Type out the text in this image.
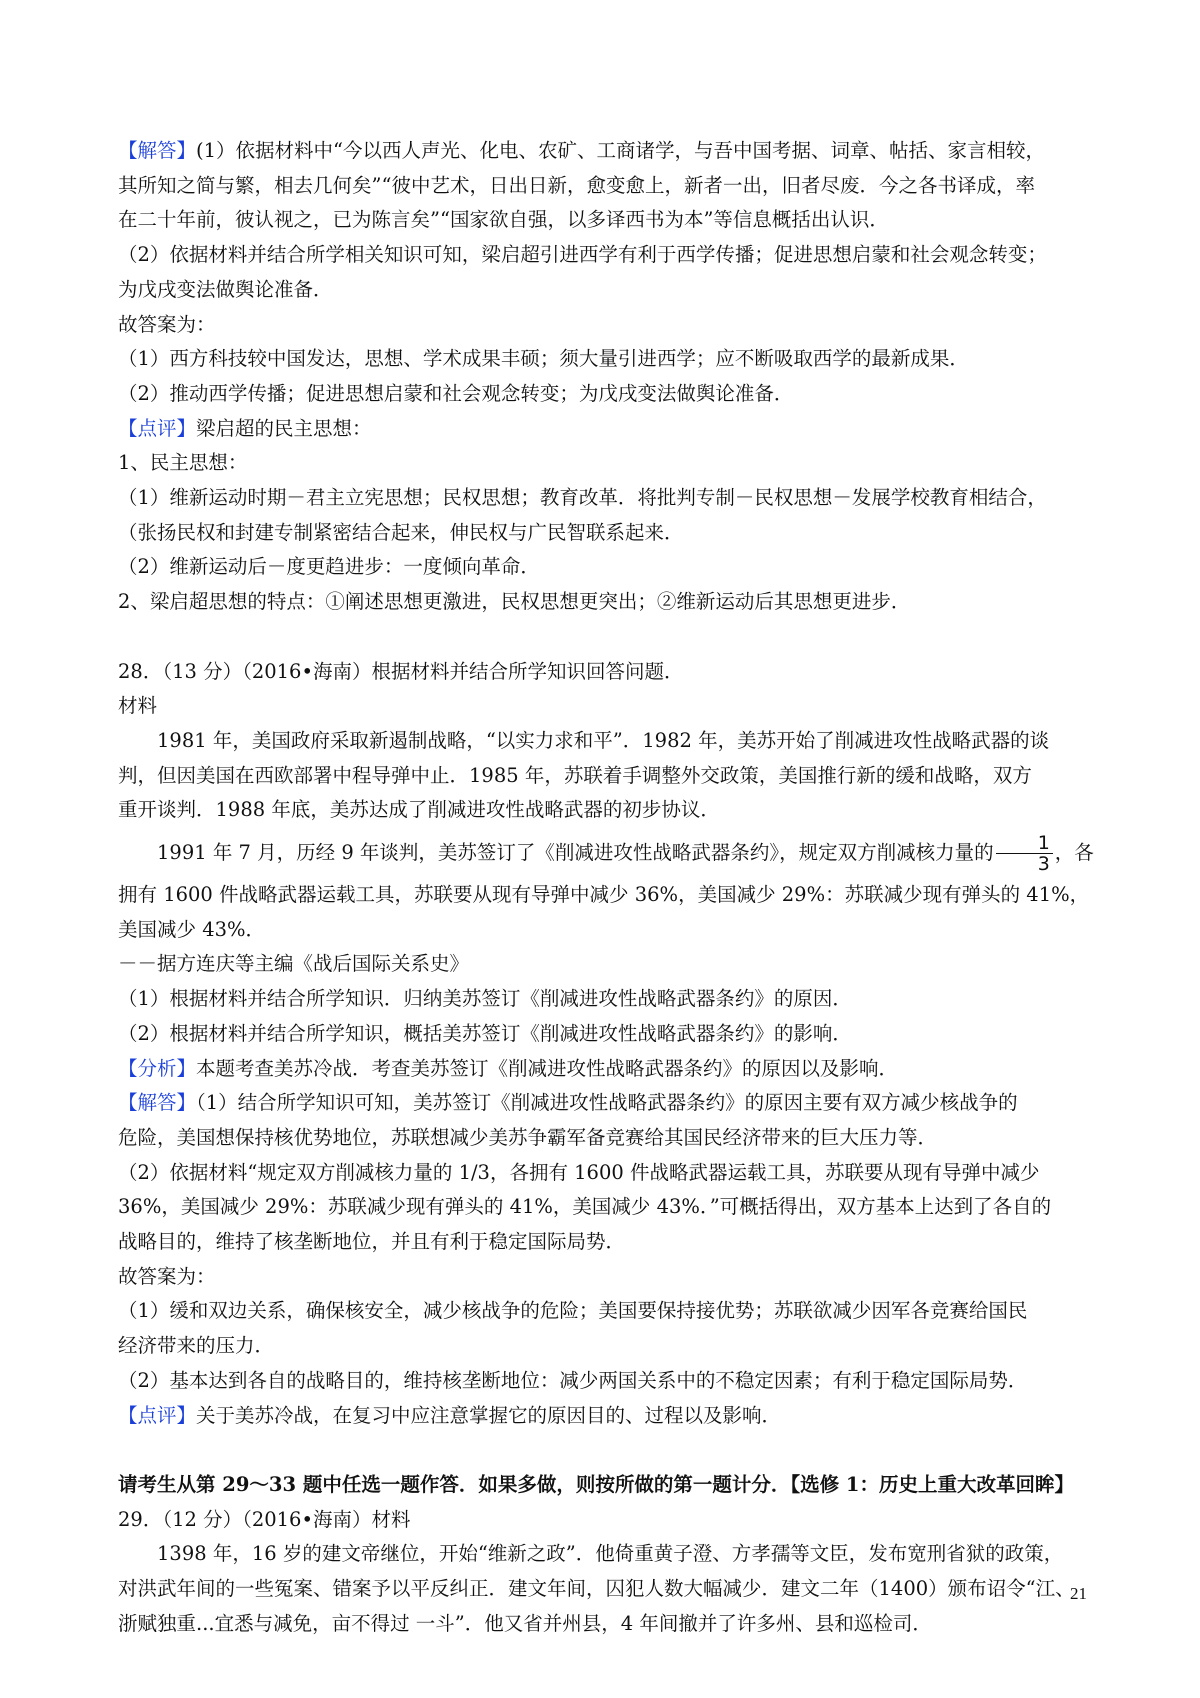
【解答】(1）依据材料中“今以西人声光、化电、农矿、工商诸学，与吾中国考据、词章、帖括、家言相较，

其所知之简与繁，相去几何矣”“彼中艺术，日出日新，愈变愈上，新者一出，旧者尽废．今之各书译成，率

在二十年前，彼认视之，已为陈言矣”“国家欲自强，以多译西书为本”等信息概括出认识．

（2）依据材料并结合所学相关知识可知，梁启超引进西学有利于西学传播；促进思想启蒙和社会观念转变；

为戊戌变法做舆论准备．

故答案为：

（1）西方科技较中国发达，思想、学术成果丰硕；须大量引进西学；应不断吸取西学的最新成果．

（2）推动西学传播；促进思想启蒙和社会观念转变；为戊戌变法做舆论准备．

【点评】梁启超的民主思想：

1、民主思想：

（1）维新运动时期－君主立宪思想；民权思想；教育改革．将批判专制－民权思想－发展学校教育相结合，

（张扬民权和封建专制紧密结合起来，伸民权与广民智联系起来．

（2）维新运动后－度更趋进步：一度倾向革命．

2、梁启超思想的特点：①阐述思想更激进，民权思想更突出；②维新运动后其思想更进步．

28．（13 分）（2016•海南）根据材料并结合所学知识回答问题．

材料

1981 年，美国政府采取新遏制战略，“以实力求和平”．1982 年，美苏开始了削减进攻性战略武器的谈

判，但因美国在西欧部署中程导弹中止．1985 年，苏联着手调整外交政策，美国推行新的缓和战略，双方

重开谈判．1988 年底，美苏达成了削减进攻性战略武器的初步协议．

1991 年 7 月，历经 9 年谈判，美苏签订了《削减进攻性战略武器条约》，规定双方削减核力量的 $\frac{1}{3}$ ，各

拥有 1600 件战略武器运载工具，苏联要从现有导弹中减少 36%，美国减少 29%：苏联减少现有弹头的 41%，

美国减少 43%．

－－据方连庆等主编《战后国际关系史》

（1）根据材料并结合所学知识．归纳美苏签订《削减进攻性战略武器条约》的原因．

（2）根据材料并结合所学知识，概括美苏签订《削减进攻性战略武器条约》的影响．

【分析】本题考查美苏冷战．考查美苏签订《削减进攻性战略武器条约》的原因以及影响．

【解答】（1）结合所学知识可知，美苏签订《削减进攻性战略武器条约》的原因主要有双方减少核战争的

危险，美国想保持核优势地位，苏联想减少美苏争霸军备竞赛给其国民经济带来的巨大压力等．

（2）依据材料“规定双方削减核力量的 1/3，各拥有 1600 件战略武器运载工具，苏联要从现有导弹中减少

36%，美国减少 29%：苏联减少现有弹头的 41%，美国减少 43%．”可概括得出，双方基本上达到了各自的

战略目的，维持了核垄断地位，并且有利于稳定国际局势．

故答案为：

（1）缓和双边关系，确保核安全，减少核战争的危险；美国要保持接优势；苏联欲减少因军各竞赛给国民

经济带来的压力．

（2）基本达到各自的战略目的，维持核垄断地位：减少两国关系中的不稳定因素；有利于稳定国际局势．

【点评】关于美苏冷战，在复习中应注意掌握它的原因目的、过程以及影响．

请考生从第 29～33 题中任选一题作答．如果多做，则按所做的第一题计分．【选修 1：历史上重大改革回眸】

29．（12 分）（2016•海南）材料

1398 年，16 岁的建文帝继位，开始“维新之政”．他倚重黄子澄、方孝孺等文臣，发布宽刑省狱的政策，

对洪武年间的一些冤案、错案予以平反纠正．建文年间，囚犯人数大幅减少．建文二年（1400）颁布诏令“江、

浙赋独重...宜悉与减免，亩不得过 一斗”．他又省并州县，4 年间撤并了许多州、县和巡检司．

21
